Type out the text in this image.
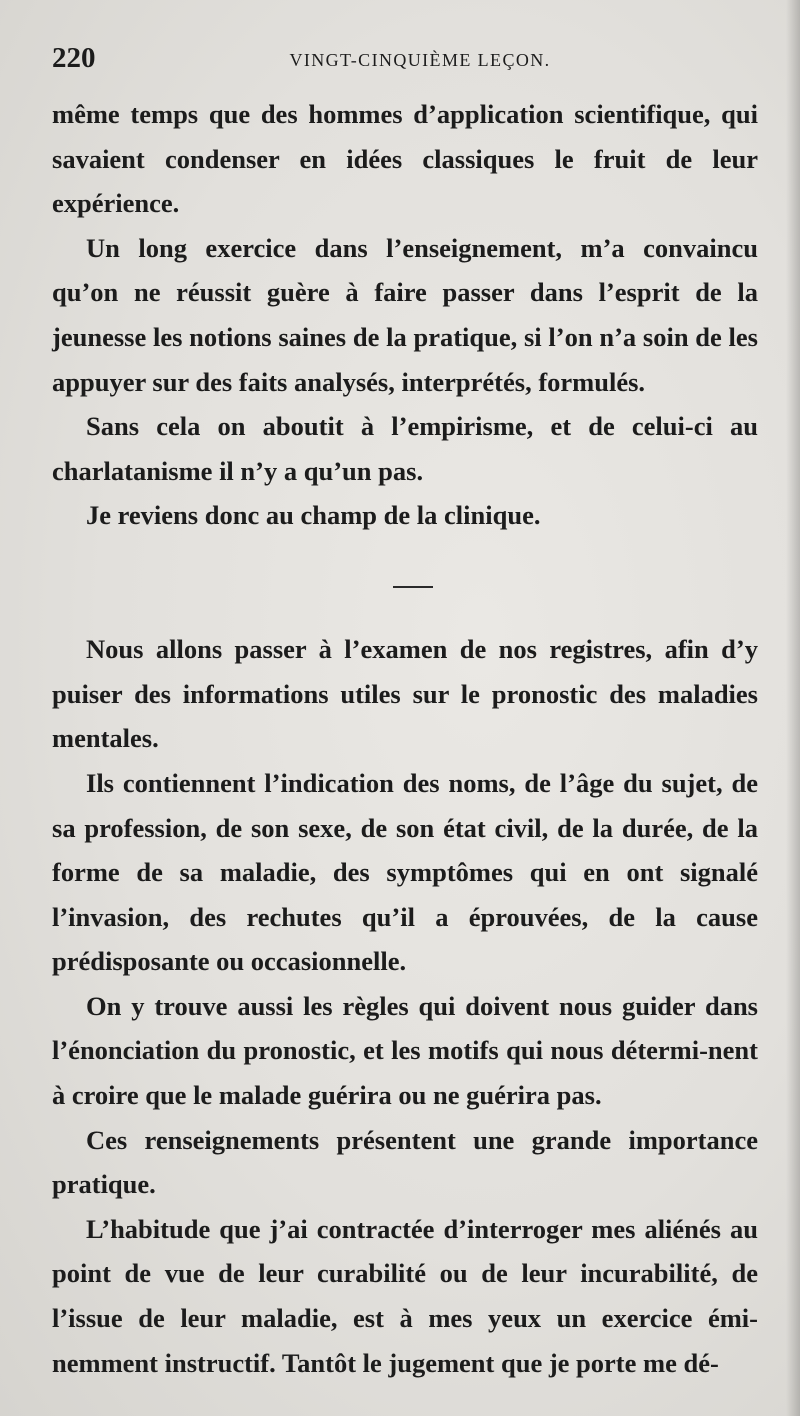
220	VINGT-CINQUIÈME LEÇON.

même temps que des hommes d’application scientifique, qui savaient condenser en idées classiques le fruit de leur expérience.

Un long exercice dans l’enseignement, m’a convaincu qu’on ne réussit guère à faire passer dans l’esprit de la jeunesse les notions saines de la pratique, si l’on n’a soin de les appuyer sur des faits analysés, interprétés, formulés.

Sans cela on aboutit à l’empirisme, et de celui-ci au charlatanisme il n’y a qu’un pas.

Je reviens donc au champ de la clinique.

Nous allons passer à l’examen de nos registres, afin d’y puiser des informations utiles sur le pronostic des maladies mentales.

Ils contiennent l’indication des noms, de l’âge du sujet, de sa profession, de son sexe, de son état civil, de la durée, de la forme de sa maladie, des symptômes qui en ont signalé l’invasion, des rechutes qu’il a éprouvées, de la cause prédisposante ou occasionnelle.

On y trouve aussi les règles qui doivent nous guider dans l’énonciation du pronostic, et les motifs qui nous détermi-nent à croire que le malade guérira ou ne guérira pas.

Ces renseignements présentent une grande importance pratique.

L’habitude que j’ai contractée d’interroger mes aliénés au point de vue de leur curabilité ou de leur incurabilité, de l’issue de leur maladie, est à mes yeux un exercice émi-nemment instructif. Tantôt le jugement que je porte me dé-
